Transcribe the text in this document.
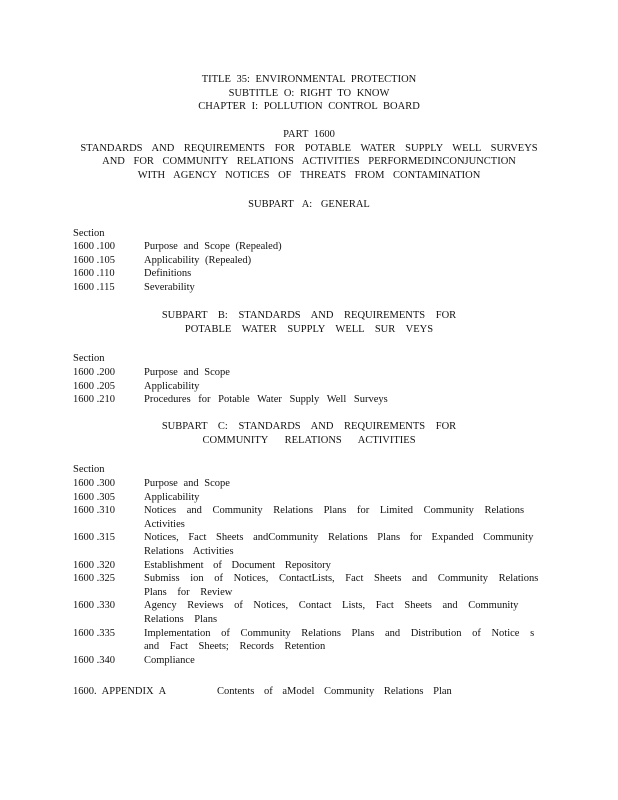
TITLE 35: ENVIRONMENTAL PROTECTION
SUBTITLE O: RIGHT TO KNOW
CHAPTER I: POLLUTION CONTROL BOARD
PART 1600
STANDARDS AND REQUIREMENTS FOR POTABLE WATER SUPPLY WELL SURVEYS
AND FOR COMMUNITY RELATIONS ACTIVITIES PERFORMEDINCONJUNCTION
WITH AGENCY NOTICES OF THREATS FROM CONTAMINATION
SUBPART A: GENERAL
Section
1600 .100	Purpose and Scope (Repealed)
1600 .105	Applicability (Repealed)
1600 .110	Definitions
1600 .115	Severability
SUBPART B: STANDARDS AND REQUIREMENTS FOR
POTABLE WATER SUPPLY WELL SUR VEYS
Section
1600 .200	Purpose and Scope
1600 .205	Applicability
1600 .210	Procedures for Potable Water Supply Well Surveys
SUBPART C: STANDARDS AND REQUIREMENTS FOR
COMMUNITY RELATIONS ACTIVITIES
Section
1600 .300	Purpose and Scope
1600 .305	Applicability
1600 .310	Notices and Community Relations Plans for Limited Community Relations Activities
1600 .315	Notices, Fact Sheets andCommunity Relations Plans for Expanded Community Relations Activities
1600 .320	Establishment of Document Repository
1600 .325	Submiss ion of Notices, ContactLists, Fact Sheets and Community Relations Plans for Review
1600 .330	Agency Reviews of Notices, Contact Lists, Fact Sheets and Community Relations Plans
1600 .335	Implementation of Community Relations Plans and Distribution of Notice s and Fact Sheets; Records Retention
1600 .340	Compliance
1600. APPENDIX A	Contents of aModel Community Relations Plan
